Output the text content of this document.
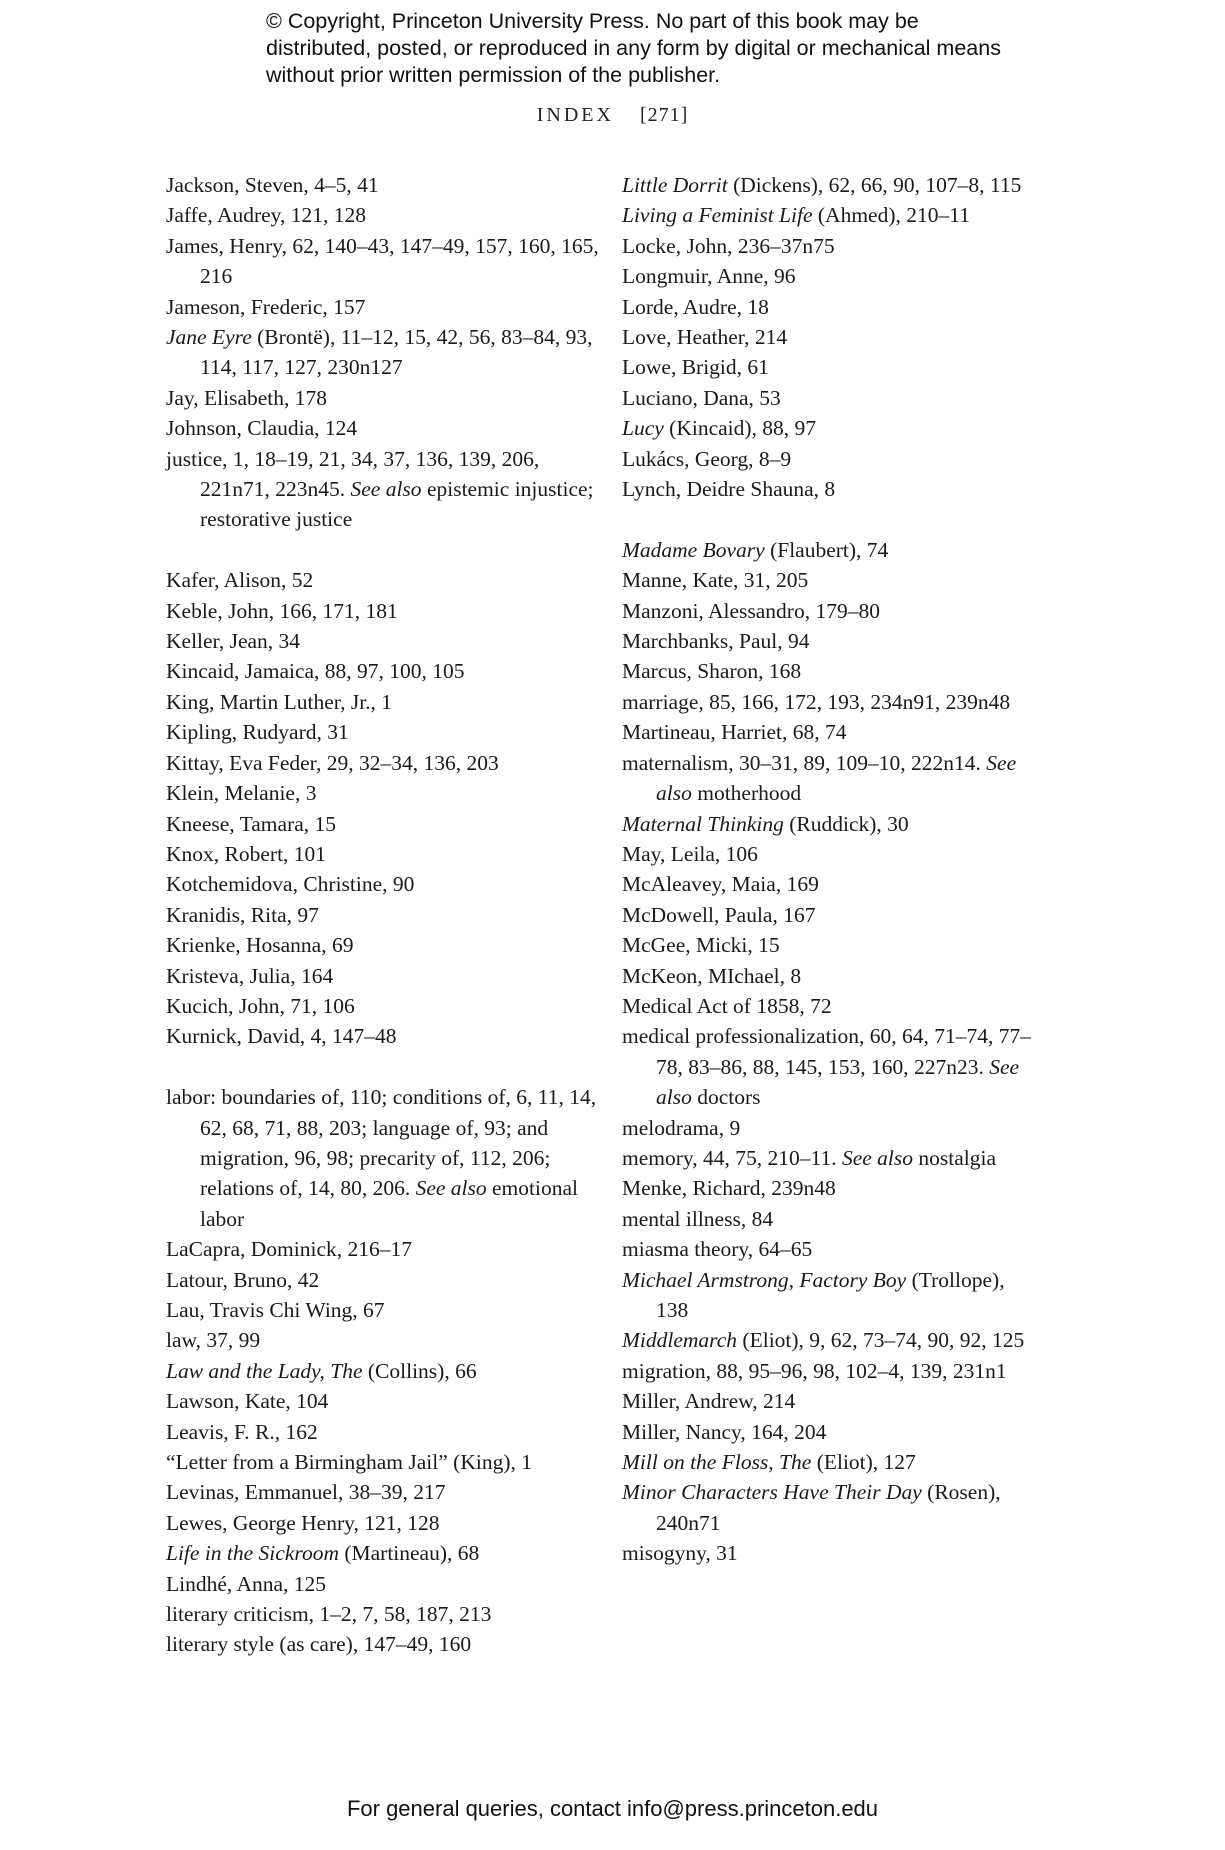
© Copyright, Princeton University Press. No part of this book may be distributed, posted, or reproduced in any form by digital or mechanical means without prior written permission of the publisher.
INDEX [271]

Jackson, Steven, 4–5, 41

Jaffe, Audrey, 121, 128

James, Henry, 62, 140–43, 147–49, 157, 160, 165, 216

Jameson, Frederic, 157

Jane Eyre (Brontë), 11–12, 15, 42, 56, 83–84, 93, 114, 117, 127, 230n127

Jay, Elisabeth, 178

Johnson, Claudia, 124

justice, 1, 18–19, 21, 34, 37, 136, 139, 206, 221n71, 223n45. See also epistemic injustice; restorative justice

Kafer, Alison, 52

Keble, John, 166, 171, 181

Keller, Jean, 34

Kincaid, Jamaica, 88, 97, 100, 105

King, Martin Luther, Jr., 1

Kipling, Rudyard, 31

Kittay, Eva Feder, 29, 32–34, 136, 203

Klein, Melanie, 3

Kneese, Tamara, 15

Knox, Robert, 101

Kotchemidova, Christine, 90

Kranidis, Rita, 97

Krienke, Hosanna, 69

Kristeva, Julia, 164

Kucich, John, 71, 106

Kurnick, David, 4, 147–48

labor: boundaries of, 110; conditions of, 6, 11, 14, 62, 68, 71, 88, 203; language of, 93; and migration, 96, 98; precarity of, 112, 206; relations of, 14, 80, 206. See also emotional labor

LaCapra, Dominick, 216–17

Latour, Bruno, 42

Lau, Travis Chi Wing, 67

law, 37, 99

Law and the Lady, The (Collins), 66

Lawson, Kate, 104

Leavis, F. R., 162

“Letter from a Birmingham Jail” (King), 1

Levinas, Emmanuel, 38–39, 217

Lewes, George Henry, 121, 128

Life in the Sickroom (Martineau), 68

Lindhé, Anna, 125

literary criticism, 1–2, 7, 58, 187, 213

literary style (as care), 147–49, 160

Little Dorrit (Dickens), 62, 66, 90, 107–8, 115

Living a Feminist Life (Ahmed), 210–11

Locke, John, 236–37n75

Longmuir, Anne, 96

Lorde, Audre, 18

Love, Heather, 214

Lowe, Brigid, 61

Luciano, Dana, 53

Lucy (Kincaid), 88, 97

Lukács, Georg, 8–9

Lynch, Deidre Shauna, 8

Madame Bovary (Flaubert), 74

Manne, Kate, 31, 205

Manzoni, Alessandro, 179–80

Marchbanks, Paul, 94

Marcus, Sharon, 168

marriage, 85, 166, 172, 193, 234n91, 239n48

Martineau, Harriet, 68, 74

maternalism, 30–31, 89, 109–10, 222n14. See also motherhood

Maternal Thinking (Ruddick), 30

May, Leila, 106

McAleavey, Maia, 169

McDowell, Paula, 167

McGee, Micki, 15

McKeon, MIchael, 8

Medical Act of 1858, 72

medical professionalization, 60, 64, 71–74, 77–78, 83–86, 88, 145, 153, 160, 227n23. See also doctors

melodrama, 9

memory, 44, 75, 210–11. See also nostalgia

Menke, Richard, 239n48

mental illness, 84

miasma theory, 64–65

Michael Armstrong, Factory Boy (Trollope), 138

Middlemarch (Eliot), 9, 62, 73–74, 90, 92, 125

migration, 88, 95–96, 98, 102–4, 139, 231n1

Miller, Andrew, 214

Miller, Nancy, 164, 204

Mill on the Floss, The (Eliot), 127

Minor Characters Have Their Day (Rosen), 240n71

misogyny, 31

For general queries, contact info@press.princeton.edu
